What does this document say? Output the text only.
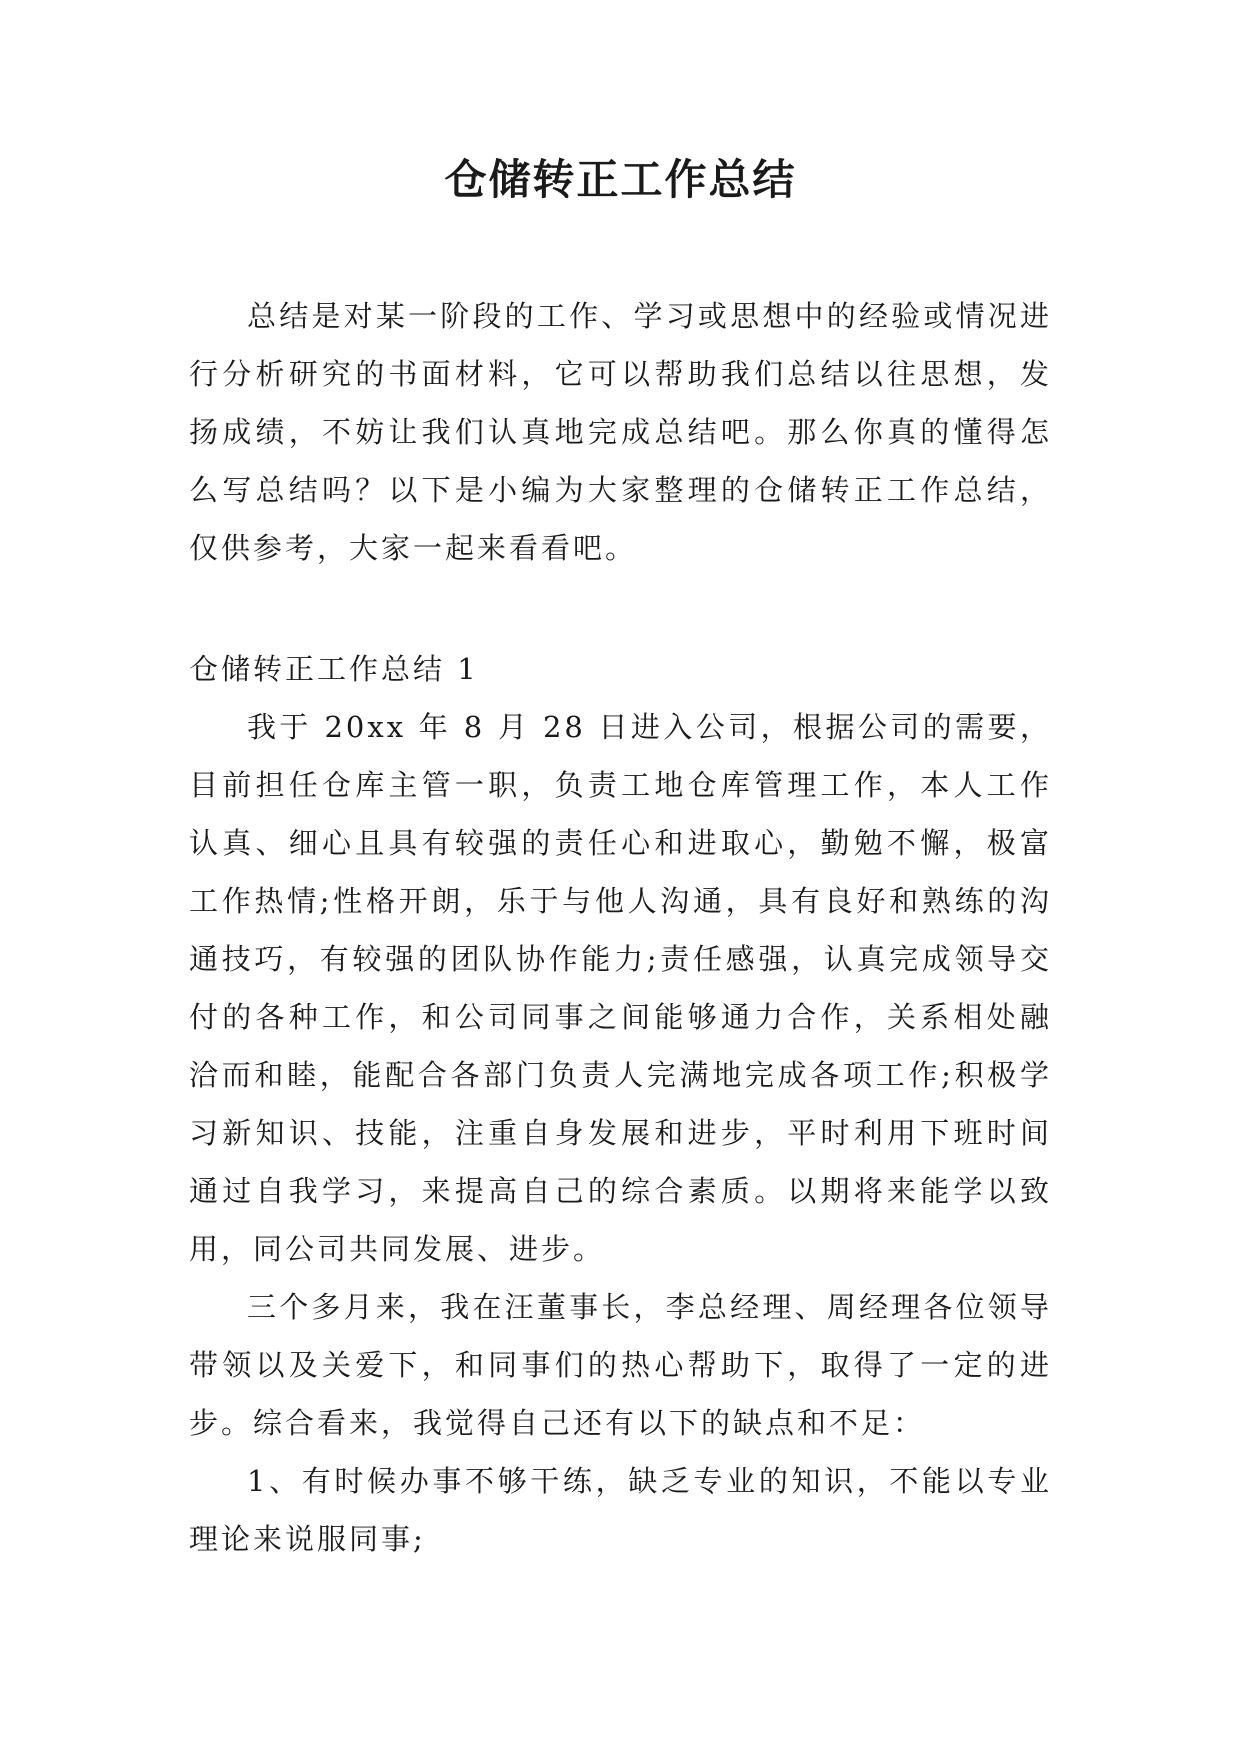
仓储转正工作总结

总结是对某一阶段的工作、学习或思想中的经验或情况进行分析研究的书面材料，它可以帮助我们总结以往思想，发扬成绩，不妨让我们认真地完成总结吧。那么你真的懂得怎么写总结吗？以下是小编为大家整理的仓储转正工作总结，仅供参考，大家一起来看看吧。

仓储转正工作总结 1

我于 20xx 年 8 月 28 日进入公司，根据公司的需要，目前担任仓库主管一职，负责工地仓库管理工作，本人工作认真、细心且具有较强的责任心和进取心，勤勉不懈，极富工作热情;性格开朗，乐于与他人沟通，具有良好和熟练的沟通技巧，有较强的团队协作能力;责任感强，认真完成领导交付的各种工作，和公司同事之间能够通力合作，关系相处融洽而和睦，能配合各部门负责人完满地完成各项工作;积极学习新知识、技能，注重自身发展和进步，平时利用下班时间通过自我学习，来提高自己的综合素质。以期将来能学以致用，同公司共同发展、进步。

三个多月来，我在汪董事长，李总经理、周经理各位领导带领以及关爱下，和同事们的热心帮助下，取得了一定的进步。综合看来，我觉得自己还有以下的缺点和不足：

1、有时候办事不够干练，缺乏专业的知识，不能以专业理论来说服同事;
